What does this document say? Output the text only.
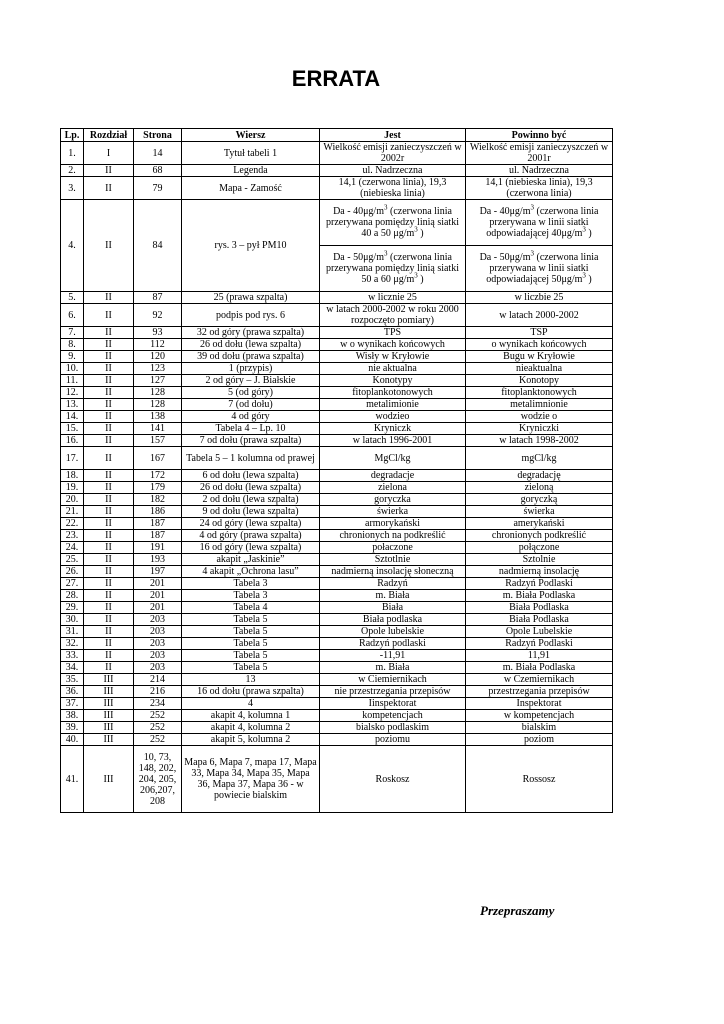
ERRATA
Lp.	Rozdział	Strona	Wiersz	Jest	Powinno być
1.	I	14	Tytuł tabeli 1	Wielkość emisji zanieczyszczeń w 2002r	Wielkość emisji zanieczyszczeń w 2001r
2.	II	68	Legenda	ul. Nadrzeczna	ul. Nadrzeczna
3.	II	79	Mapa - Zamość	14,1 (czerwona linia), 19,3 (niebieska linia)	14,1 (niebieska linia), 19,3 (czerwona linia)
4.	II	84	rys. 3 – pył PM10	Da - $40\mu g/m^3$ (czerwona linia przerywana pomiędzy linią siatki 40 a 50 $\mu g/m^3$ )	Da - $40\mu g/m^3$ (czerwona linia przerywana w linii siatki odpowiadającej $40\mu g/m^3$ )
				Da - $50\mu g/m^3$ (czerwona linia przerywana pomiędzy linią siatki 50 a 60 $\mu g/m^3$ )	Da - $50\mu g/m^3$ (czerwona linia przerywana w linii siatki odpowiadającej $50\mu g/m^3$ )
5.	II	87	25 (prawa szpalta)	w licznie 25	w liczbie 25
6.	II	92	podpis pod rys. 6	w latach 2000-2002 w roku 2000 rozpoczęto pomiary)	w latach 2000-2002
7.	II	93	32 od góry (prawa szpalta)	TPS	TSP
8.	II	112	26 od dołu (lewa szpalta)	w o wynikach końcowych	o wynikach końcowych
9.	II	120	39 od dołu (prawa szpalta)	Wisły w Kryłowie	Bugu w Kryłowie
10.	II	123	1 (przypis)	nie aktualna	nieaktualna
11.	II	127	2 od góry – J. Białskie	Konotypy	Konotopy
12.	II	128	5 (od góry)	fitoplankotonowych	fitoplanktonowych
13.	II	128	7 (od dołu)	metalimionie	metalimnionie
14.	II	138	4 od góry	wodzieo	wodzie o
15.	II	141	Tabela 4 – Lp. 10	Kryniczk	Kryniczki
16.	II	157	7 od dołu (prawa szpalta)	w latach 1996-2001	w latach 1998-2002
17.	II	167	Tabela 5 – 1 kolumna od prawej	MgCl/kg	mgCl/kg
18.	II	172	6 od dołu (lewa szpalta)	degradacje	degradację
19.	II	179	26 od dołu (lewa szpalta)	zielona	zieloną
20.	II	182	2 od dołu (lewa szpalta)	goryczka	goryczką
21.	II	186	9 od dołu (lewa szpalta)	świerka	świerka
22.	II	187	24 od góry (lewa szpalta)	armorykański	amerykański
23.	II	187	4 od góry (prawa szpalta)	chronionych na podkreślić	chronionych podkreślić
24.	II	191	16 od góry (lewa szpalta)	połaczone	połączone
25.	II	193	akapit „Jaskinie”	Sztotlnie	Sztolnie
26.	II	197	4 akapit „Ochrona lasu”	nadmierną insolację słoneczną	nadmierną insolację
27.	II	201	Tabela 3	Radzyń	Radzyń Podlaski
28.	II	201	Tabela 3	m. Biała	m. Biała Podlaska
29.	II	201	Tabela 4	Biała	Biała Podlaska
30.	II	203	Tabela 5	Biała podlaska	Biała Podlaska
31.	II	203	Tabela 5	Opole lubelskie	Opole Lubelskie
32.	II	203	Tabela 5	Radzyń podlaski	Radzyń Podlaski
33.	II	203	Tabela 5	-11,91	11,91
34.	II	203	Tabela 5	m. Biała	m. Biała Podlaska
35.	III	214	13	w Ciemiernikach	w Czemiernikach
36.	III	216	16 od dołu (prawa szpalta)	nie przestrzegania przepisów	przestrzegania przepisów
37.	III	234	4	Iinspektorat	Inspektorat
38.	III	252	akapit 4, kolumna 1	kompetencjach	w kompetencjach
39.	III	252	akapit 4, kolumna 2	bialsko podlaskim	bialskim
40.	III	252	akapit 5, kolumna 2	poziomu	poziom
41.	III	10, 73, 148, 202, 204, 205, 206,207, 208	Mapa 6, Mapa 7, mapa 17, Mapa 33, Mapa 34, Mapa 35, Mapa 36, Mapa 37, Mapa 36 - w powiecie bialskim	Roskosz	Rossosz
Przepraszamy
